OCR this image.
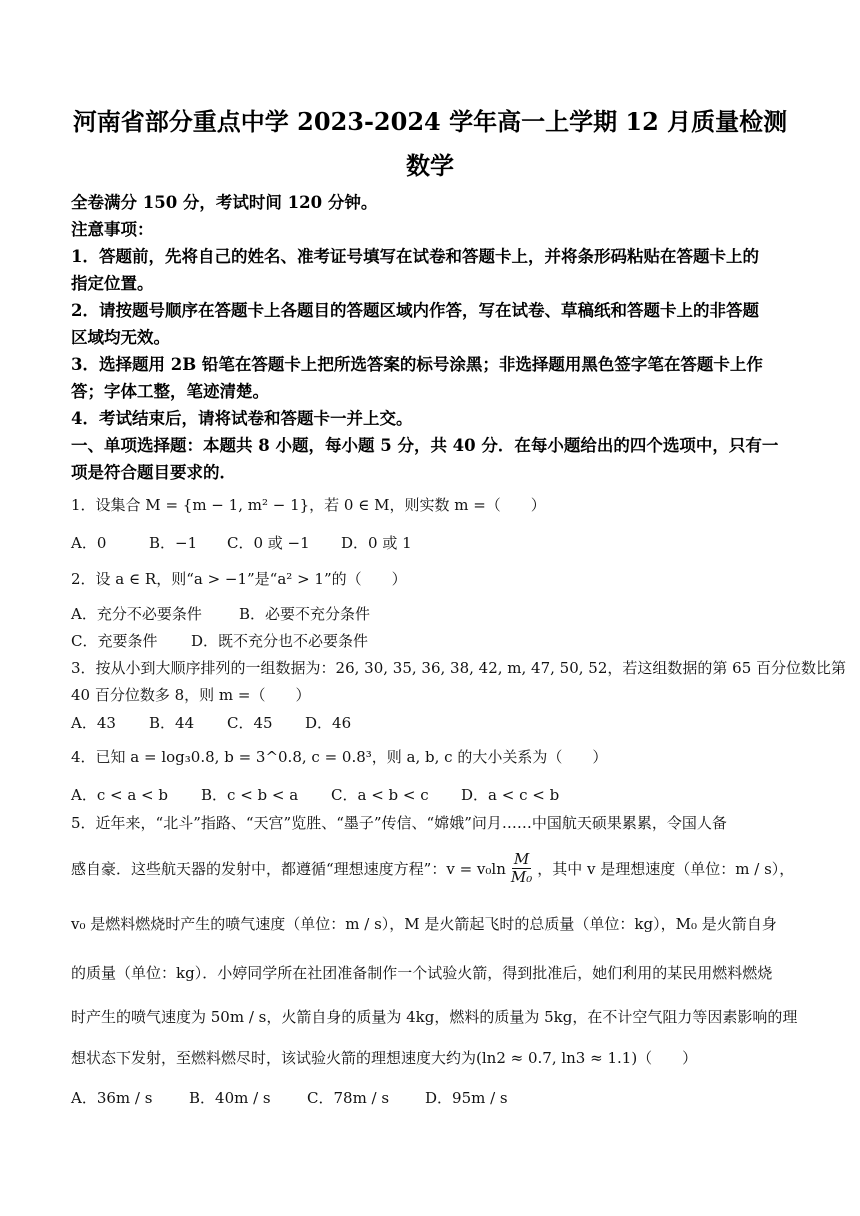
河南省部分重点中学 2023-2024 学年高一上学期 12 月质量检测
数学
全卷满分 150 分，考试时间 120 分钟。
注意事项：
1．答题前，先将自己的姓名、准考证号填写在试卷和答题卡上，并将条形码粘贴在答题卡上的
指定位置。
2．请按题号顺序在答题卡上各题目的答题区域内作答，写在试卷、草稿纸和答题卡上的非答题
区域均无效。
3．选择题用 2B 铅笔在答题卡上把所选答案的标号涂黑；非选择题用黑色签字笔在答题卡上作
答；字体工整，笔迹清楚。
4．考试结束后，请将试卷和答题卡一并上交。
一、单项选择题：本题共 8 小题，每小题 5 分，共 40 分．在每小题给出的四个选项中，只有一
项是符合题目要求的．
1．设集合 M = {m − 1, m² − 1}，若 0 ∈ M，则实数 m =（　　）
A．0	B．−1	C．0 或 −1	D．0 或 1
2．设 a ∈ R，则“a > −1”是“a² > 1”的（　　）
A．充分不必要条件	B．必要不充分条件
C．充要条件	D．既不充分也不必要条件
3．按从小到大顺序排列的一组数据为：26, 30, 35, 36, 38, 42, m, 47, 50, 52，若这组数据的第 65 百分位数比第
40 百分位数多 8，则 m =（　　）
A．43	B．44	C．45	D．46
4．已知 a = log₃0.8, b = 3^0.8, c = 0.8³，则 a, b, c 的大小关系为（　　）
A．c < a < b	B．c < b < a	C．a < b < c	D．a < c < b
5．近年来，“北斗”指路、“天宫”览胜、“墨子”传信、“嫦娥”问月……中国航天硕果累累，令国人备
感自豪．这些航天器的发射中，都遵循“理想速度方程”：$v = v_0\ln \frac{M}{\text{M₀}}$ ，其中 v 是理想速度（单位：m / s），
v₀ 是燃料燃烧时产生的喷气速度（单位：m / s），M 是火箭起飞时的总质量（单位：kg），M₀ 是火箭自身
的质量（单位：kg）．小婷同学所在社团准备制作一个试验火箭，得到批准后，她们利用的某民用燃料燃烧
时产生的喷气速度为 50m / s，火箭自身的质量为 4kg，燃料的质量为 5kg，在不计空气阻力等因素影响的理
想状态下发射，至燃料燃尽时，该试验火箭的理想速度大约为(ln2 ≈ 0.7, ln3 ≈ 1.1)（　　）
A．36m / s	B．40m / s	C．78m / s	D．95m / s
